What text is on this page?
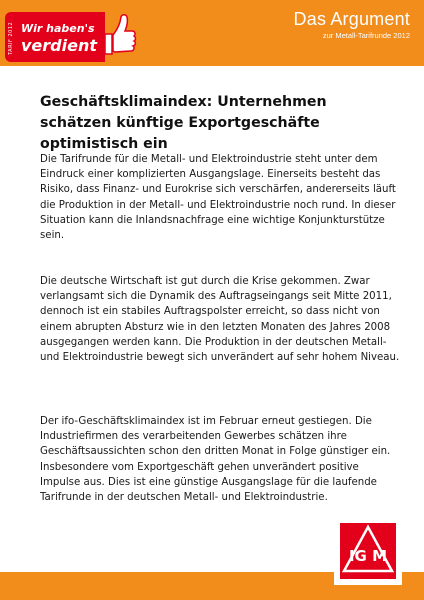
TARIF 2012 Wir haben's
verdient
Das Argument
zur Metall-Tarifrunde 2012
Geschäftsklimaindex: Unternehmen schätzen künftige Exportgeschäfte optimistisch ein

Die Tarifrunde für die Metall- und Elektroindustrie steht unter dem Eindruck einer komplizierten Ausgangslage. Einerseits besteht das Risiko, dass Finanz- und Eurokrise sich verschärfen, andererseits läuft die Produktion in der Metall- und Elektroindustrie noch rund. In dieser Situation kann die Inlandsnachfrage eine wichtige Konjunkturstütze sein.

Die deutsche Wirtschaft ist gut durch die Krise gekommen. Zwar verlangsamt sich die Dynamik des Auftragseingangs seit Mitte 2011, dennoch ist ein stabiles Auftragspolster erreicht, so dass nicht von einem abrupten Absturz wie in den letzten Monaten des Jahres 2008 ausgegangen werden kann. Die Produktion in der deutschen Metall- und Elektroindustrie bewegt sich unverändert auf sehr hohem Niveau.

Der ifo-Geschäftsklimaindex ist im Februar erneut gestiegen. Die Industriefirmen des verarbeitenden Gewerbes schätzen ihre Geschäftsaussichten schon den dritten Monat in Folge günstiger ein. Insbesondere vom Exportgeschäft gehen unverändert positive Impulse aus. Dies ist eine günstige Ausgangslage für die laufende Tarifrunde in der deutschen Metall- und Elektroindustrie.

IG M
